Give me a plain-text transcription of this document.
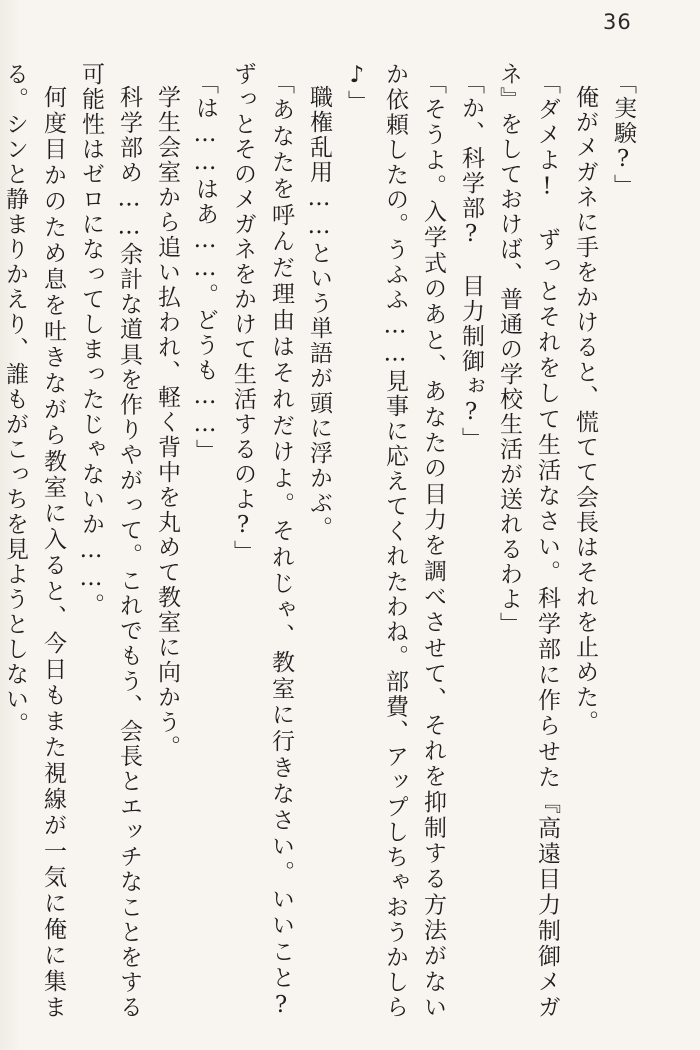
36

「実験?」

俺がメガネに手をかけると、慌てて会長はそれを止めた。

「ダメよ!　ずっとそれをして生活なさい。科学部に作らせた『高遠目力制御メガネ』をしておけば、普通の学校生活が送れるわよ」

「か、科学部?　目力制御ぉ?」

「そうよ。入学式のあと、あなたの目力を調べさせて、それを抑制する方法がないか依頼したの。うふふ……見事に応えてくれたわね。部費、アップしちゃおうかしら♪」

職権乱用……という単語が頭に浮かぶ。

「あなたを呼んだ理由はそれだけよ。それじゃ、教室に行きなさい。いいこと?　ずっとそのメガネをかけて生活するのよ?」

「は……はあ……。どうも……」

学生会室から追い払われ、軽く背中を丸めて教室に向かう。

科学部め……余計な道具を作りやがって。これでもう、会長とエッチなことをする可能性はゼロになってしまったじゃないか……。

何度目かのため息を吐きながら教室に入ると、今日もまた視線が一気に俺に集まる。シンと静まりかえり、誰もがこっちを見ようとしない。
